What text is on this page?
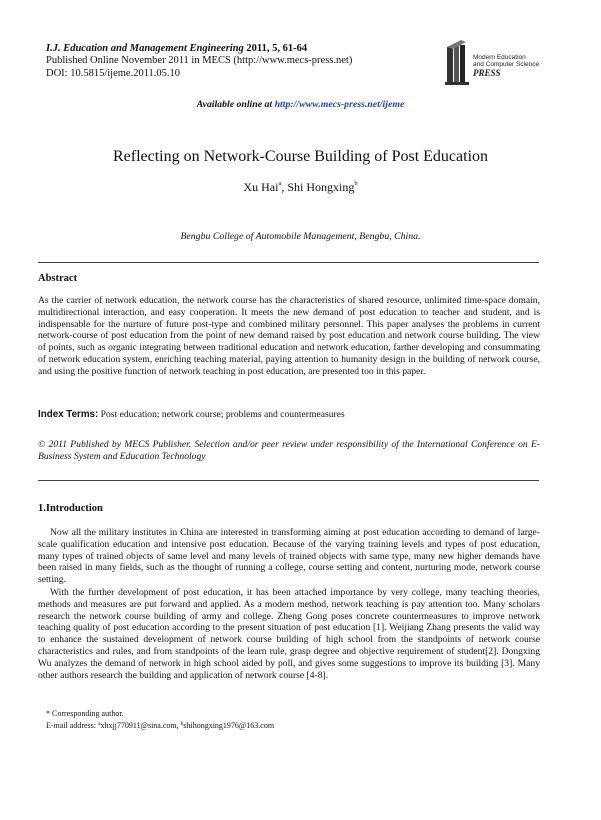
I.J. Education and Management Engineering 2011, 5, 61-64
Published Online November 2011 in MECS (http://www.mecs-press.net)
DOI: 10.5815/ijeme.2011.05.10
Modern Education
and Computer Science
PRESS
Available online at http://www.mecs-press.net/ijeme
Reflecting on Network-Course Building of Post Education
Xu Hai$^a$, Shi Hongxing$^b$
Bengbu College of Automobile Management, Bengbu, China.
Abstract
As the carrier of network education, the network course has the characteristics of shared resource, unlimited time-space domain, multidirectional interaction, and easy cooperation. It meets the new demand of post education to teacher and student, and is indispensable for the nurture of future post-type and combined military personnel. This paper analyses the problems in current network-course of post education from the point of new demand raised by post education and network course building. The view of points, such as organic integrating between traditional education and network education, farther developing and consummating of network education system, enriching teaching material, paying attention to humanity design in the building of network course, and using the positive function of network teaching in post education, are presented too in this paper.
Index Terms: Post education; network course; problems and countermeasures
© 2011 Published by MECS Publisher. Selection and/or peer review under responsibility of the International Conference on E-Business System and Education Technology
1.Introduction
Now all the military institutes in China are interested in transforming aiming at post education according to demand of large-scale qualification education and intensive post education. Because of the varying training levels and types of post education, many types of trained objects of same level and many levels of trained objects with same type, many new higher demands have been raised in many fields, such as the thought of running a college, course setting and content, nurturing mode, network course setting.
With the further development of post education, it has been attached importance by very college, many teaching theories, methods and measures are put forward and applied. As a modern method, network teaching is pay attention too. Many scholars research the network course building of army and college. Zheng Gong poses concrete countermeasures to improve network teaching quality of post education according to the present situation of post education [1]. Weijiang Zhang presents the valid way to enhance the sustained development of network course building of high school from the standpoints of network course characteristics and rules, and from standpoints of the learn rule, grasp degree and objective requirement of student[2]. Dongxing Wu analyzes the demand of network in high school aided by poll, and gives some suggestions to improve its building [3]. Many other authors research the building and application of network course [4-8].
* Corresponding author.
E-mail address: $^a$xhxjj770911@sina.com, $^b$shihongxing1976@163.com
